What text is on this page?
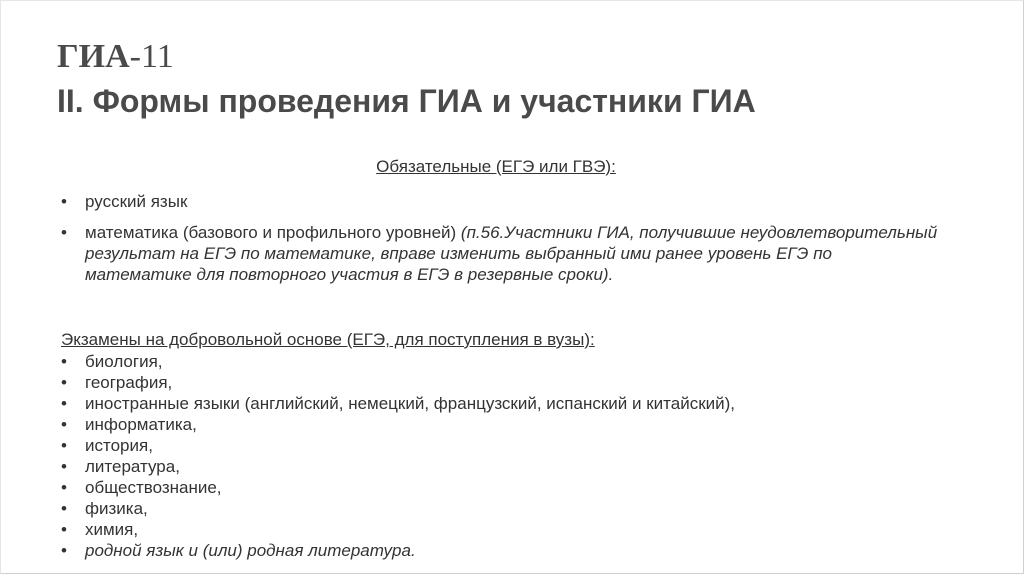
ГИА-11
II. Формы проведения ГИА и участники ГИА
Обязательные (ЕГЭ или ГВЭ):
• русский язык
• математика (базового и профильного уровней) (п.56.Участники ГИА, получившие неудовлетворительный результат на ЕГЭ по математике, вправе изменить выбранный ими ранее уровень ЕГЭ по математике для повторного участия в ЕГЭ в резервные сроки).
Экзамены на добровольной основе (ЕГЭ, для поступления в вузы):
• биология,
• география,
• иностранные языки (английский, немецкий, французский, испанский и китайский),
• информатика,
• история,
• литература,
• обществознание,
• физика,
• химия,
• родной язык и (или) родная литература.
